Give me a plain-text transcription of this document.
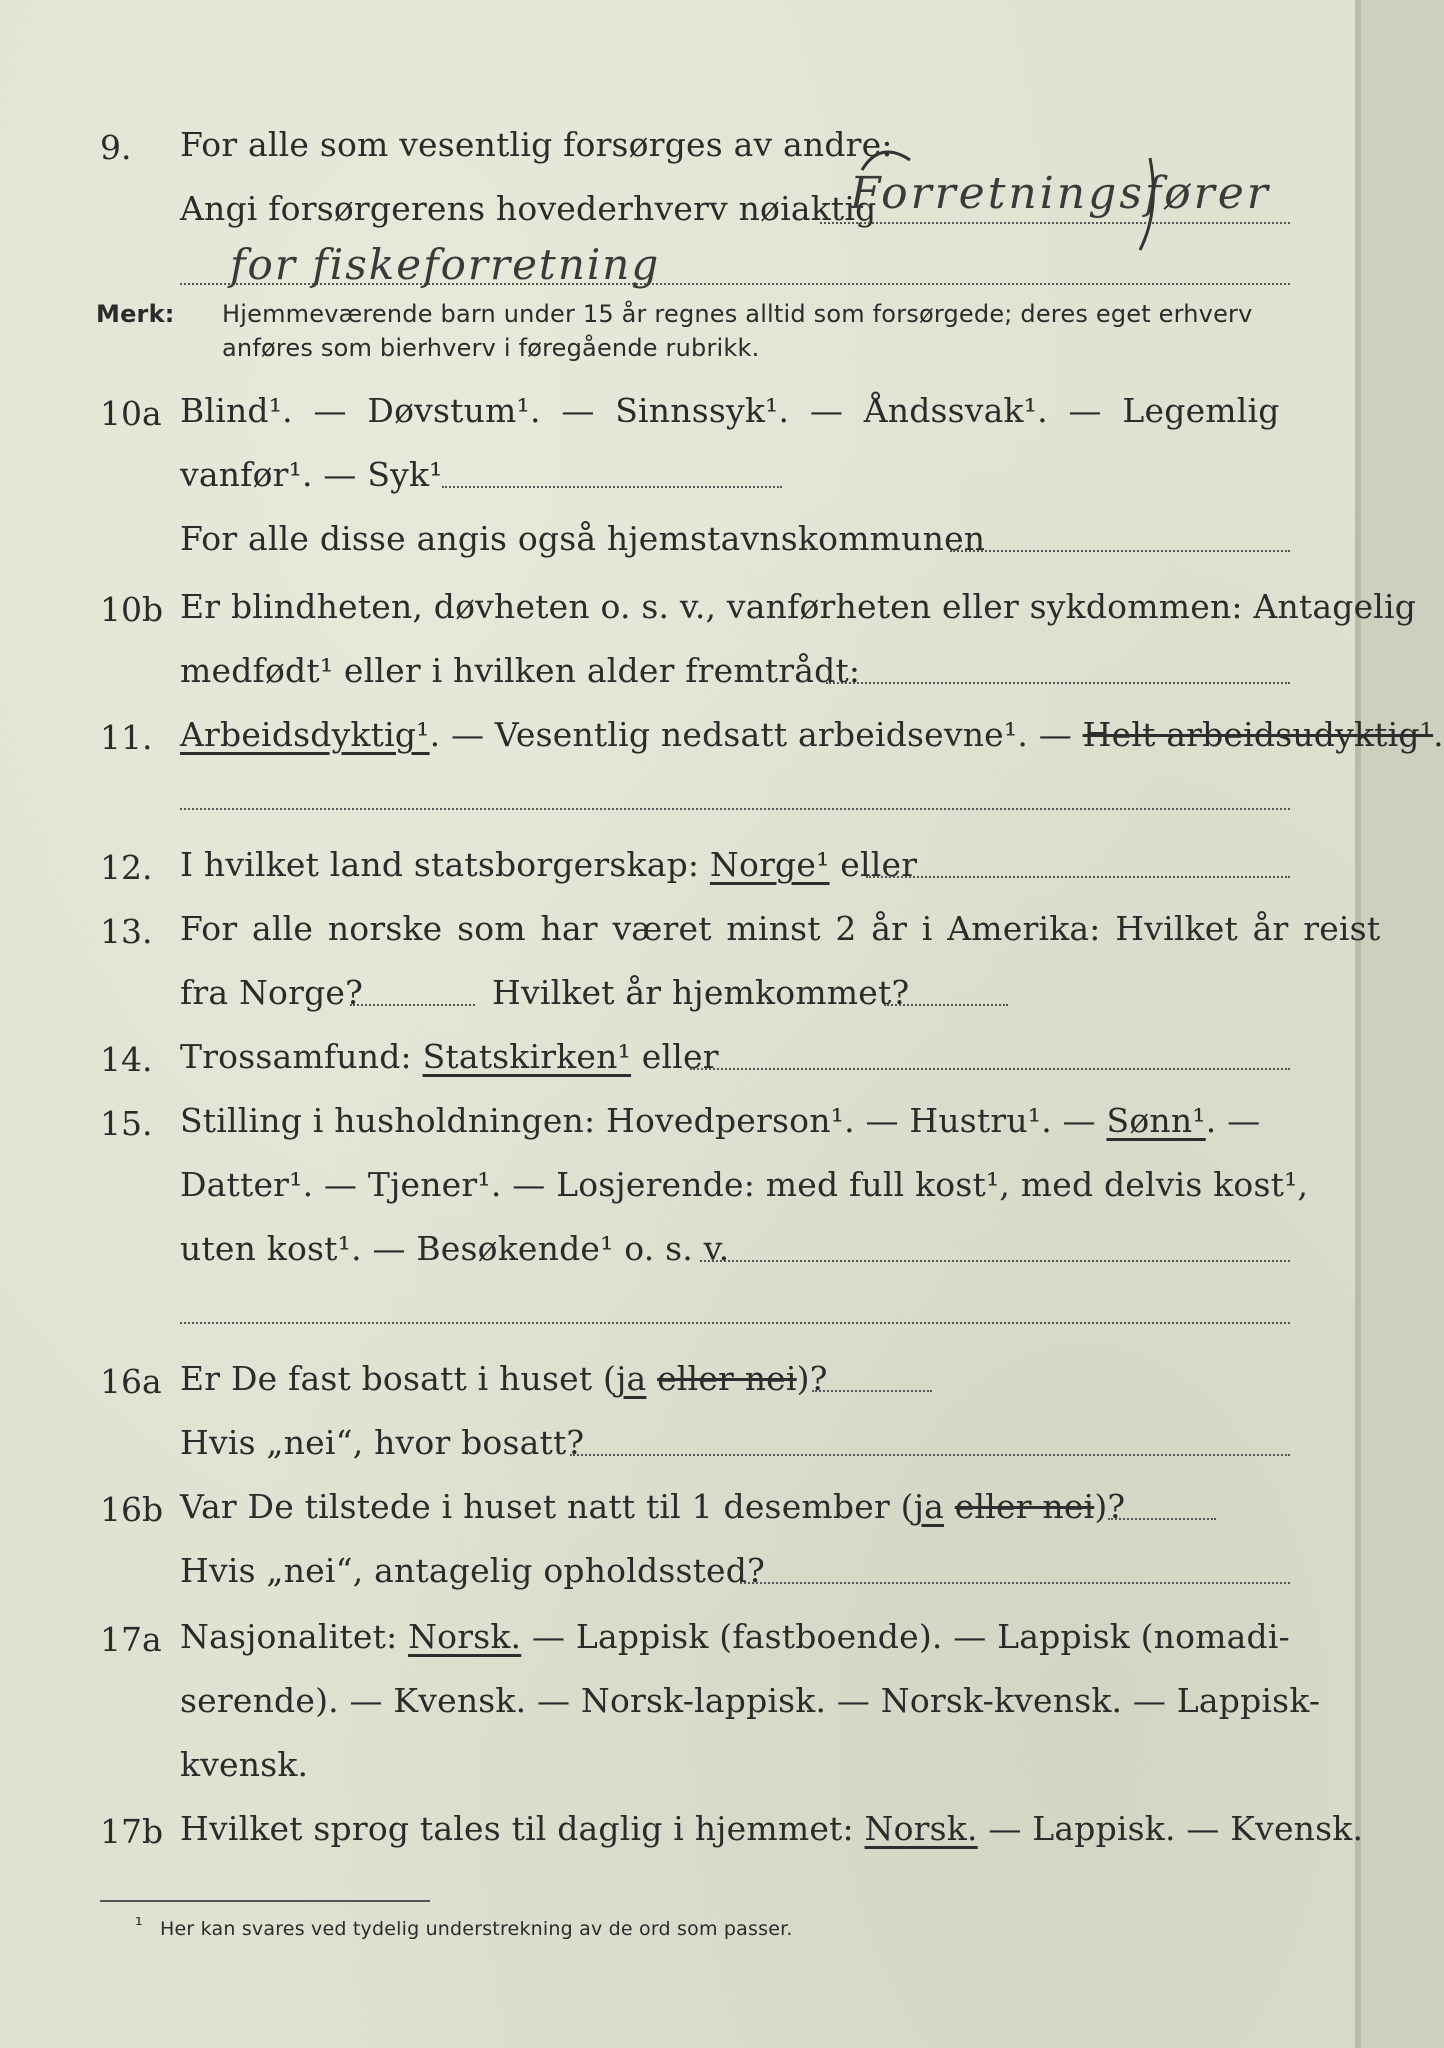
9.	For alle som vesentlig forsørges av andre:
Angi forsørgerens hovederhverv nøiaktig
Forretningsfører
for fiskeforretning
Merk: Hjemmeværende barn under 15 år regnes alltid som forsørgede; deres eget erhverv
anføres som bierhverv i føregående rubrikk.
10a Blind¹. — Døvstum¹. — Sinnssyk¹. — Åndssvak¹. — Legemlig
vanfør¹. — Syk¹
For alle disse angis også hjemstavnskommunen
10b Er blindheten, døvheten o. s. v., vanførheten eller sykdommen: Antagelig
medfødt¹ eller i hvilken alder fremtrådt:
11. Arbeidsdyktig¹. — Vesentlig nedsatt arbeidsevne¹. — Helt arbeidsudyktig¹.
12. I hvilket land statsborgerskap: Norge¹ eller
13. For alle norske som har været minst 2 år i Amerika: Hvilket år reist
fra Norge?	Hvilket år hjemkommet?
14. Trossamfund: Statskirken¹ eller
15. Stilling i husholdningen: Hovedperson¹. — Hustru¹. — Sønn¹. —
Datter¹. — Tjener¹. — Losjerende: med full kost¹, med delvis kost¹,
uten kost¹. — Besøkende¹ o. s. v.
16a Er De fast bosatt i huset (ja eller nei)?
Hvis „nei“, hvor bosatt?
16b Var De tilstede i huset natt til 1 desember (ja eller nei)?
Hvis „nei“, antagelig opholdssted?
17a Nasjonalitet: Norsk. — Lappisk (fastboende). — Lappisk (nomadi-
serende). — Kvensk. — Norsk-lappisk. — Norsk-kvensk. — Lappisk-
kvensk.
17b Hvilket sprog tales til daglig i hjemmet: Norsk. — Lappisk. — Kvensk.
¹ Her kan svares ved tydelig understrekning av de ord som passer.
